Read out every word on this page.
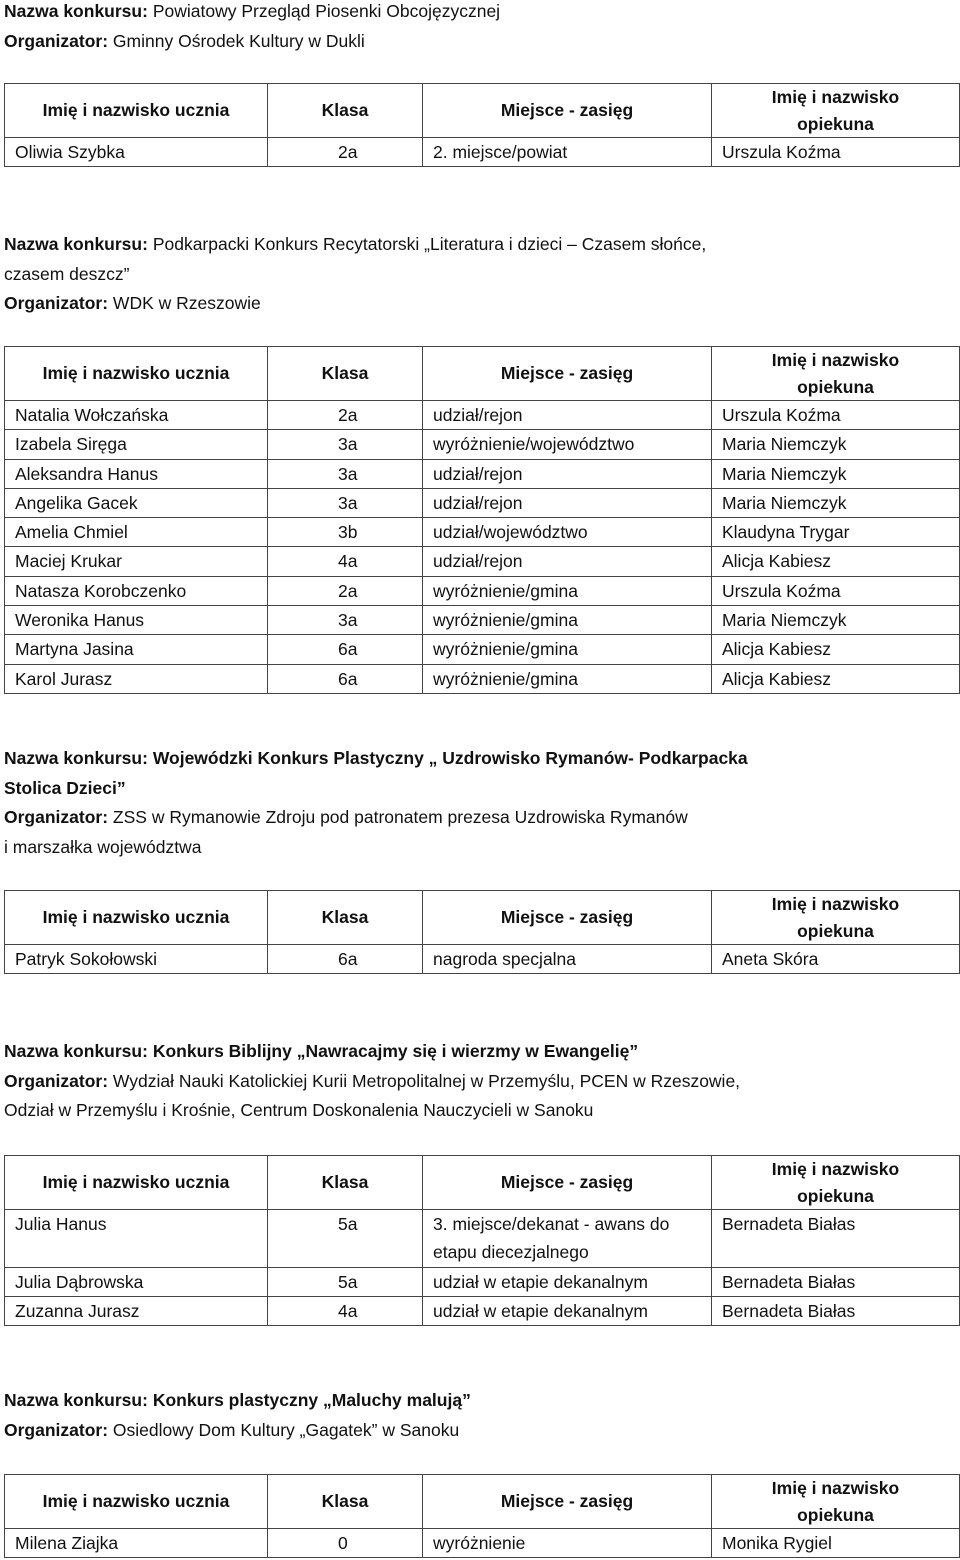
Nazwa konkursu: Powiatowy Przegląd Piosenki Obcojęzycznej

Organizator: Gminny Ośrodek Kultury w Dukli

Imię i nazwisko ucznia	Klasa	Miejsce - zasięg	Imię i nazwisko
opiekuna
Oliwia Szybka	2a	2. miejsce/powiat	Urszula Koźma

Nazwa konkursu: Podkarpacki Konkurs Recytatorski „Literatura i dzieci – Czasem słońce,

czasem deszcz”

Organizator: WDK w Rzeszowie

Imię i nazwisko ucznia	Klasa	Miejsce - zasięg	Imię i nazwisko
opiekuna
Natalia Wołczańska	2a	udział/rejon	Urszula Koźma
Izabela Siręga	3a	wyróżnienie/województwo	Maria Niemczyk
Aleksandra Hanus	3a	udział/rejon	Maria Niemczyk
Angelika Gacek	3a	udział/rejon	Maria Niemczyk
Amelia Chmiel	3b	udział/województwo	Klaudyna Trygar
Maciej Krukar	4a	udział/rejon	Alicja Kabiesz
Natasza Korobczenko	2a	wyróżnienie/gmina	Urszula Koźma
Weronika Hanus	3a	wyróżnienie/gmina	Maria Niemczyk
Martyna Jasina	6a	wyróżnienie/gmina	Alicja Kabiesz
Karol Jurasz	6a	wyróżnienie/gmina	Alicja Kabiesz

Nazwa konkursu: Wojewódzki Konkurs Plastyczny „ Uzdrowisko Rymanów- Podkarpacka

Stolica Dzieci”

Organizator: ZSS w Rymanowie Zdroju pod patronatem prezesa Uzdrowiska Rymanów

i marszałka województwa

Imię i nazwisko ucznia	Klasa	Miejsce - zasięg	Imię i nazwisko
opiekuna
Patryk Sokołowski	6a	nagroda specjalna	Aneta Skóra

Nazwa konkursu: Konkurs Biblijny „Nawracajmy się i wierzmy w Ewangelię”

Organizator: Wydział Nauki Katolickiej Kurii Metropolitalnej w Przemyślu, PCEN w Rzeszowie,

Odział w Przemyślu i Krośnie, Centrum Doskonalenia Nauczycieli w Sanoku

Imię i nazwisko ucznia	Klasa	Miejsce - zasięg	Imię i nazwisko
opiekuna
Julia Hanus	5a	3. miejsce/dekanat - awans do etapu diecezjalnego	Bernadeta Białas
Julia Dąbrowska	5a	udział w etapie dekanalnym	Bernadeta Białas
Zuzanna Jurasz	4a	udział w etapie dekanalnym	Bernadeta Białas

Nazwa konkursu: Konkurs plastyczny „Maluchy malują”

Organizator: Osiedlowy Dom Kultury „Gagatek” w Sanoku

Imię i nazwisko ucznia	Klasa	Miejsce - zasięg	Imię i nazwisko
opiekuna
Milena Ziajka	0	wyróżnienie	Monika Rygiel
